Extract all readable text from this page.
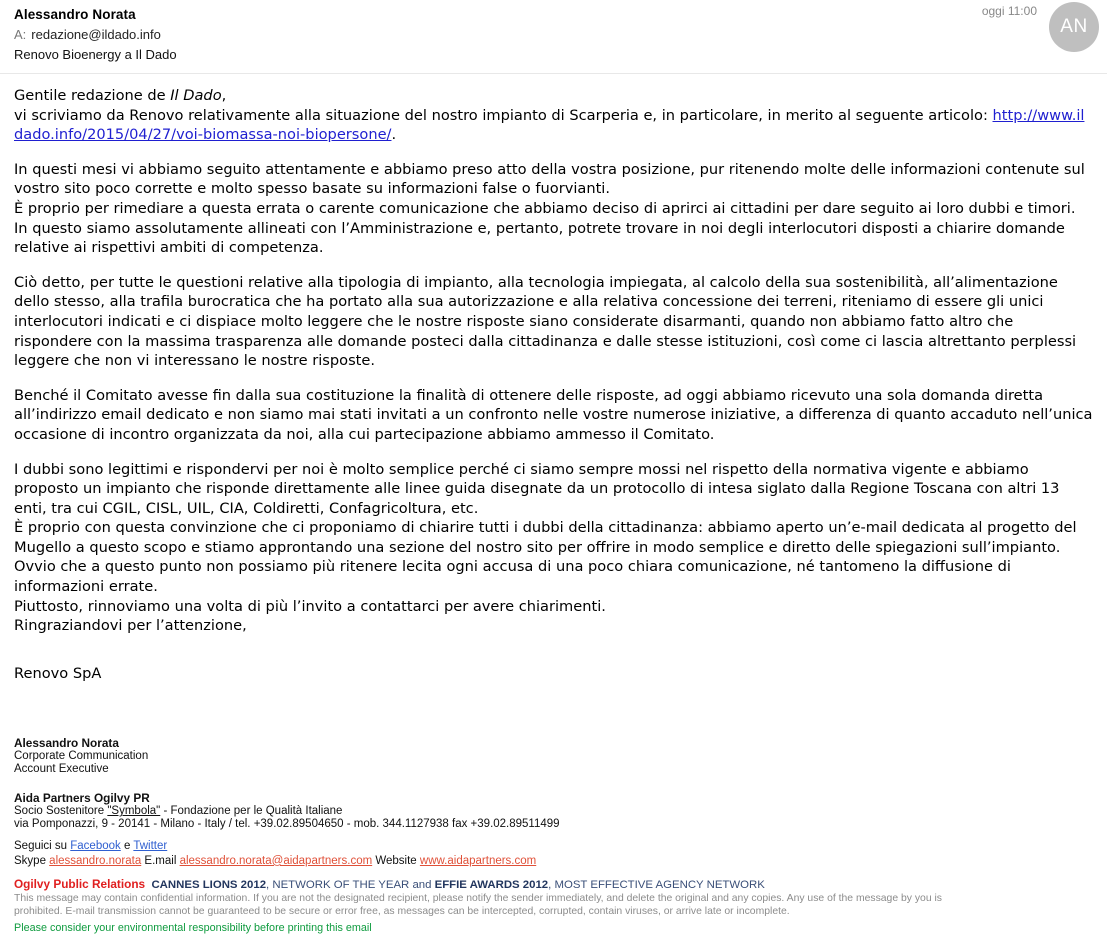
Alessandro Norata
A: redazione@ildado.info
Renovo Bioenergy a Il Dado
oggi 11:00
AN
Gentile redazione de Il Dado,
vi scriviamo da Renovo relativamente alla situazione del nostro impianto di Scarperia e, in particolare, in merito al seguente articolo: http://www.ildado.info/2015/04/27/voi-biomassa-noi-biopersone/.
In questi mesi vi abbiamo seguito attentamente e abbiamo preso atto della vostra posizione, pur ritenendo molte delle informazioni contenute sul vostro sito poco corrette e molto spesso basate su informazioni false o fuorvianti.
È proprio per rimediare a questa errata o carente comunicazione che abbiamo deciso di aprirci ai cittadini per dare seguito ai loro dubbi e timori. In questo siamo assolutamente allineati con l’Amministrazione e, pertanto, potrete trovare in noi degli interlocutori disposti a chiarire domande relative ai rispettivi ambiti di competenza.
Ciò detto, per tutte le questioni relative alla tipologia di impianto, alla tecnologia impiegata, al calcolo della sua sostenibilità, all’alimentazione dello stesso, alla trafila burocratica che ha portato alla sua autorizzazione e alla relativa concessione dei terreni, riteniamo di essere gli unici interlocutori indicati e ci dispiace molto leggere che le nostre risposte siano considerate disarmanti, quando non abbiamo fatto altro che rispondere con la massima trasparenza alle domande posteci dalla cittadinanza e dalle stesse istituzioni, così come ci lascia altrettanto perplessi leggere che non vi interessano le nostre risposte.
Benché il Comitato avesse fin dalla sua costituzione la finalità di ottenere delle risposte, ad oggi abbiamo ricevuto una sola domanda diretta all’indirizzo email dedicato e non siamo mai stati invitati a un confronto nelle vostre numerose iniziative, a differenza di quanto accaduto nell’unica occasione di incontro organizzata da noi, alla cui partecipazione abbiamo ammesso il Comitato.
I dubbi sono legittimi e rispondervi per noi è molto semplice perché ci siamo sempre mossi nel rispetto della normativa vigente e abbiamo proposto un impianto che risponde direttamente alle linee guida disegnate da un protocollo di intesa siglato dalla Regione Toscana con altri 13 enti, tra cui CGIL, CISL, UIL, CIA, Coldiretti, Confagricoltura, etc.
È proprio con questa convinzione che ci proponiamo di chiarire tutti i dubbi della cittadinanza: abbiamo aperto un’e-mail dedicata al progetto del Mugello a questo scopo e stiamo approntando una sezione del nostro sito per offrire in modo semplice e diretto delle spiegazioni sull’impianto.
Ovvio che a questo punto non possiamo più ritenere lecita ogni accusa di una poco chiara comunicazione, né tantomeno la diffusione di informazioni errate.
Piuttosto, rinnoviamo una volta di più l’invito a contattarci per avere chiarimenti.
Ringraziandovi per l’attenzione,
Renovo SpA
Alessandro Norata
Corporate Communication
Account Executive
Aida Partners Ogilvy PR
Socio Sostenitore "Symbola" - Fondazione per le Qualità Italiane
via Pomponazzi, 9 - 20141 - Milano - Italy / tel. +39.02.89504650 - mob. 344.1127938 fax +39.02.89511499
Seguici su Facebook e Twitter
Skype alessandro.norata E.mail alessandro.norata@aidapartners.com Website www.aidapartners.com
Ogilvy Public Relations CANNES LIONS 2012, NETWORK OF THE YEAR and EFFIE AWARDS 2012, MOST EFFECTIVE AGENCY NETWORK
This message may contain confidential information. If you are not the designated recipient, please notify the sender immediately, and delete the original and any copies. Any use of the message by you is
prohibited. E-mail transmission cannot be guaranteed to be secure or error free, as messages can be intercepted, corrupted, contain viruses, or arrive late or incomplete.
Please consider your environmental responsibility before printing this email
